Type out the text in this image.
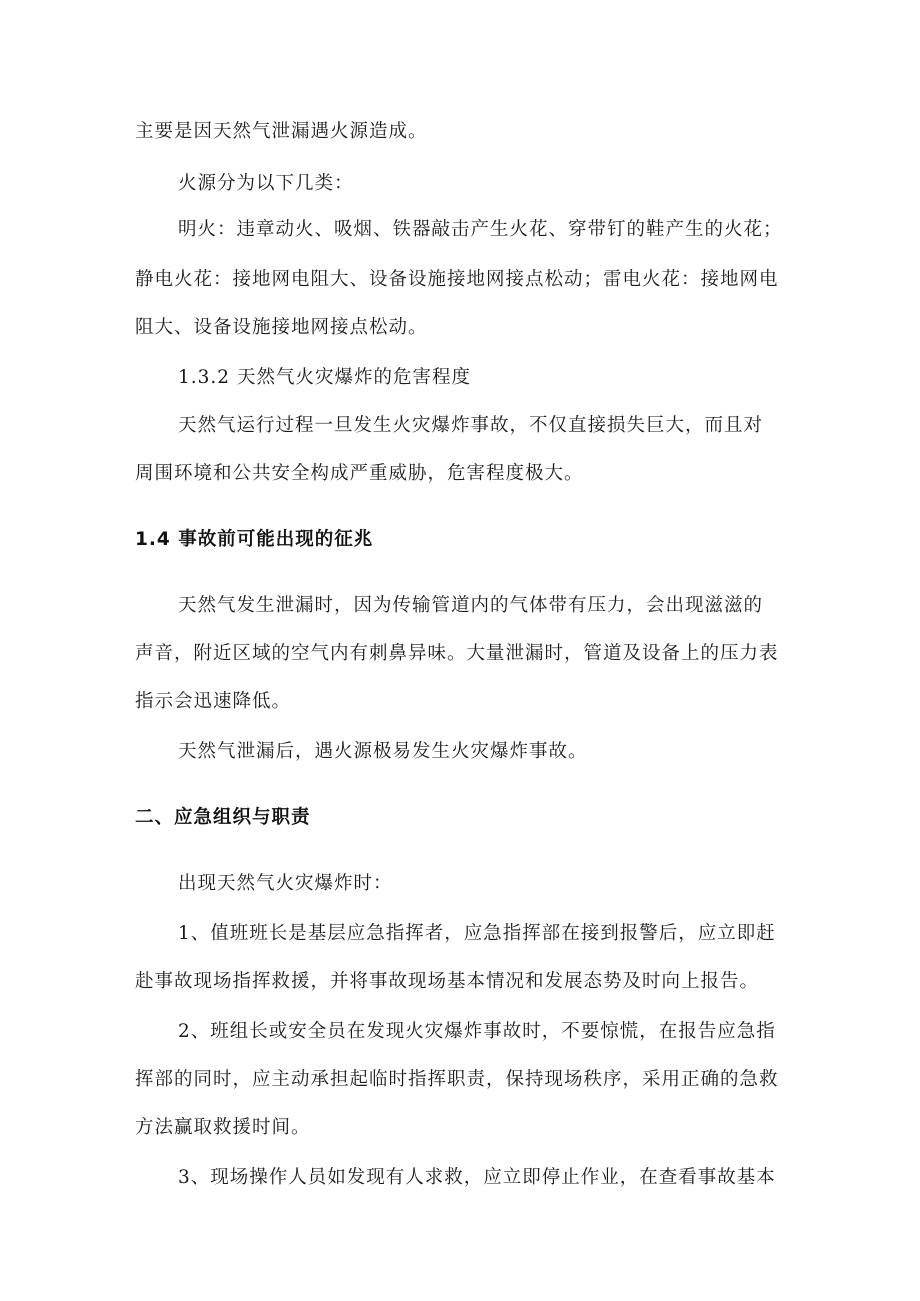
主要是因天然气泄漏遇火源造成。
火源分为以下几类：
明火：违章动火、吸烟、铁器敲击产生火花、穿带钉的鞋产生的火花；
静电火花：接地网电阻大、设备设施接地网接点松动；雷电火花：接地网电
阻大、设备设施接地网接点松动。
1.3.2 天然气火灾爆炸的危害程度
天然气运行过程一旦发生火灾爆炸事故，不仅直接损失巨大，而且对
周围环境和公共安全构成严重威胁，危害程度极大。
1.4 事故前可能出现的征兆
天然气发生泄漏时，因为传输管道内的气体带有压力，会出现滋滋的
声音，附近区域的空气内有刺鼻异味。大量泄漏时，管道及设备上的压力表
指示会迅速降低。
天然气泄漏后，遇火源极易发生火灾爆炸事故。
二、应急组织与职责
出现天然气火灾爆炸时：
1、值班班长是基层应急指挥者，应急指挥部在接到报警后，应立即赶
赴事故现场指挥救援，并将事故现场基本情况和发展态势及时向上报告。
2、班组长或安全员在发现火灾爆炸事故时，不要惊慌，在报告应急指
挥部的同时，应主动承担起临时指挥职责，保持现场秩序，采用正确的急救
方法赢取救援时间。
3、现场操作人员如发现有人求救，应立即停止作业，在查看事故基本
